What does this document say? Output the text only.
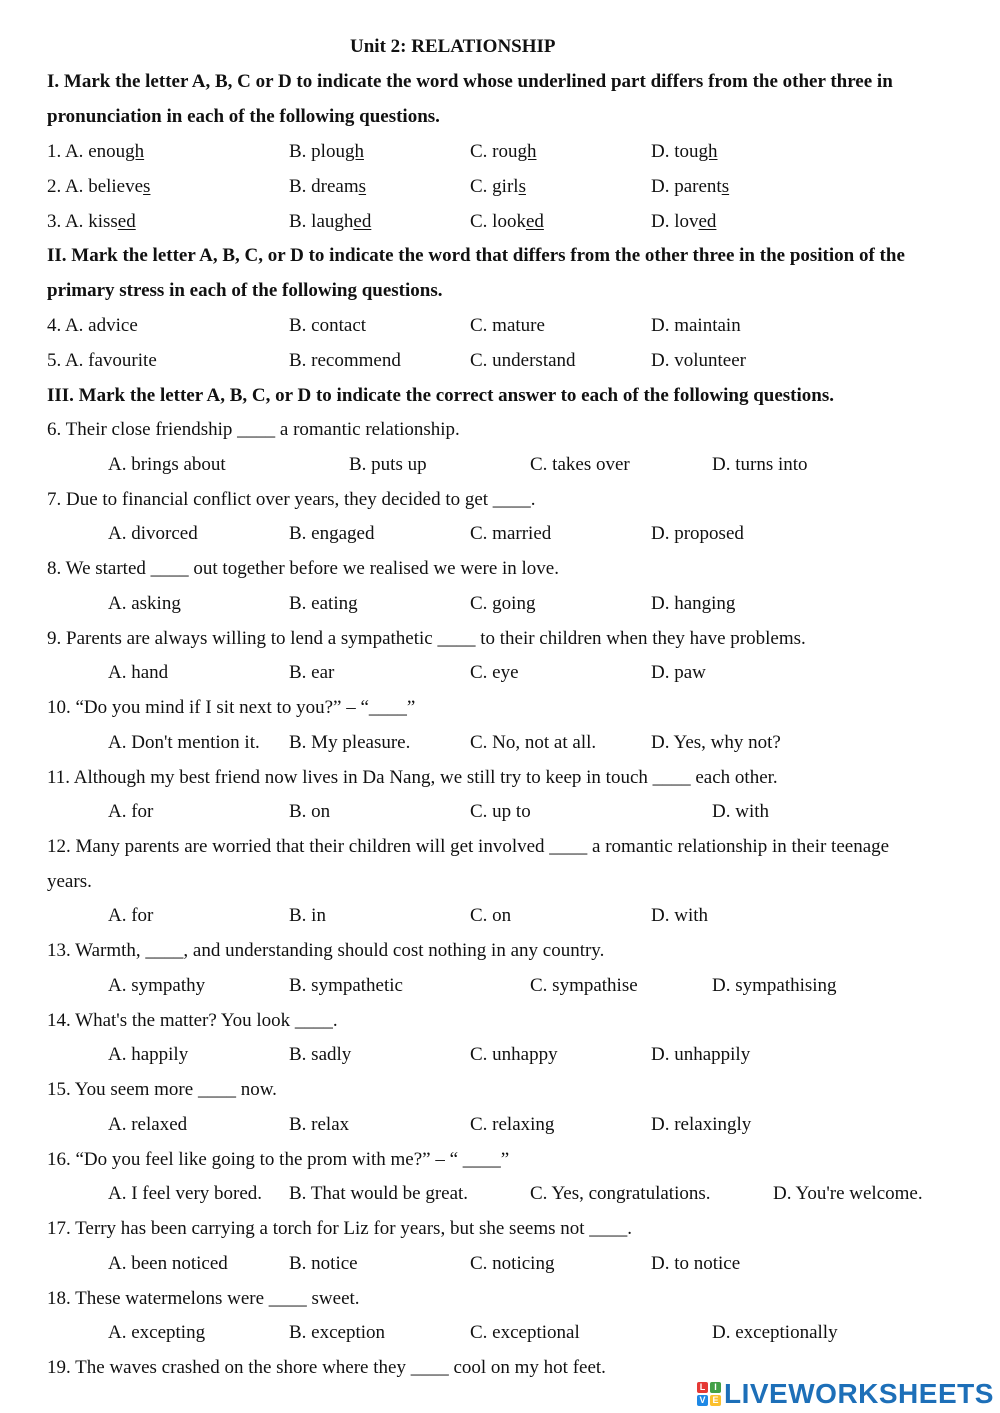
Unit 2: RELATIONSHIP
I. Mark the letter A, B, C or D to indicate the word whose underlined part differs from the other three in
pronunciation in each of the following questions.
1. A. enough	B. plough	C. rough	D. tough
2. A. believes	B. dreams	C. girls	D. parents
3. A. kissed	B. laughed	C. looked	D. loved
II. Mark the letter A, B, C, or D to indicate the word that differs from the other three in the position of the
primary stress in each of the following questions.
4. A. advice	B. contact	C. mature	D. maintain
5. A. favourite	B. recommend	C. understand	D. volunteer
III. Mark the letter A, B, C, or D to indicate the correct answer to each of the following questions.
6. Their close friendship ____ a romantic relationship.
A. brings about	B. puts up	C. takes over	D. turns into
7. Due to financial conflict over years, they decided to get ____.
A. divorced	B. engaged	C. married	D. proposed
8. We started ____ out together before we realised we were in love.
A. asking	B. eating	C. going	D. hanging
9. Parents are always willing to lend a sympathetic ____ to their children when they have problems.
A. hand	B. ear	C. eye	D. paw
10. “Do you mind if I sit next to you?” – “____”
A. Don't mention it. B. My pleasure.	C. No, not at all.	D. Yes, why not?
11. Although my best friend now lives in Da Nang, we still try to keep in touch ____ each other.
A. for	B. on	C. up to	D. with
12. Many parents are worried that their children will get involved ____ a romantic relationship in their teenage
years.
A. for	B. in	C. on	D. with
13. Warmth, ____, and understanding should cost nothing in any country.
A. sympathy	B. sympathetic	C. sympathise	D. sympathising
14. What's the matter? You look ____.
A. happily	B. sadly	C. unhappy	D. unhappily
15. You seem more ____ now.
A. relaxed	B. relax	C. relaxing	D. relaxingly
16. “Do you feel like going to the prom with me?” – “ ____”
A. I feel very bored. B. That would be great.	C. Yes, congratulations.	D. You're welcome.
17. Terry has been carrying a torch for Liz for years, but she seems not ____.
A. been noticed	B. notice	C. noticing	D. to notice
18. These watermelons were ____ sweet.
A. excepting	B. exception	C. exceptional	D. exceptionally
19. The waves crashed on the shore where they ____ cool on my hot feet.
L I
V E LIVEWORKSHEETS
